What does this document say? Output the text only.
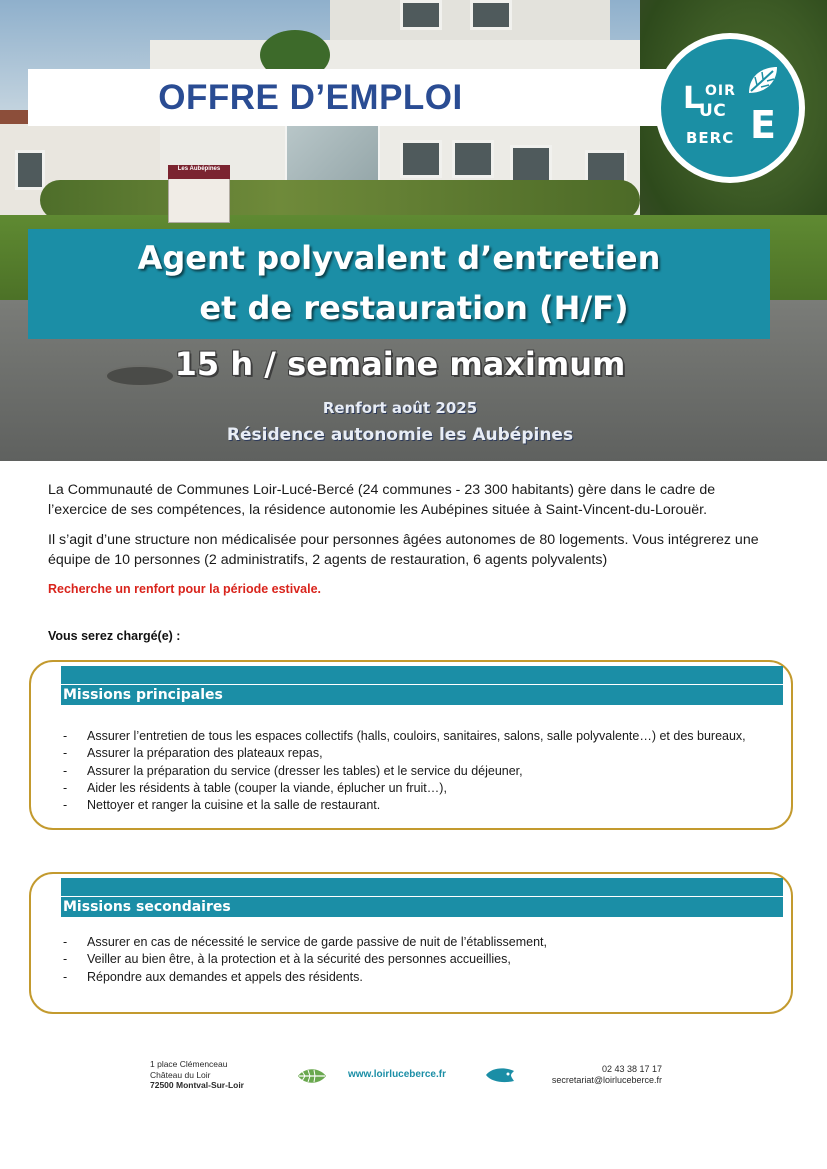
Les Aubépines
OFFRE D’EMPLOI	L OIR
UC
BERC E
Agent polyvalent d’entretien
et de restauration (H/F)
15 h / semaine maximum
Renfort août 2025
Résidence autonomie les Aubépines

La Communauté de Communes Loir-Lucé-Bercé (24 communes - 23 300 habitants) gère dans le cadre de l’exercice de ses compétences, la résidence autonomie les Aubépines située à Saint-Vincent-du-Lorouër.

Il s’agit d’une structure non médicalisée pour personnes âgées autonomes de 80 logements. Vous intégrerez une équipe de 10 personnes (2 administratifs, 2 agents de restauration, 6 agents polyvalents)

Recherche un renfort pour la période estivale.

Vous serez chargé(e) :

Missions principales
- Assurer l’entretien de tous les espaces collectifs (halls, couloirs, sanitaires, salons, salle polyvalente…) et des bureaux,
- Assurer la préparation des plateaux repas,
- Assurer la préparation du service (dresser les tables) et le service du déjeuner,
- Aider les résidents à table (couper la viande, éplucher un fruit…),
- Nettoyer et ranger la cuisine et la salle de restaurant.
Missions secondaires
- Assurer en cas de nécessité le service de garde passive de nuit de l’établissement,
- Veiller au bien être, à la protection et à la sécurité des personnes accueillies,
- Répondre aux demandes et appels des résidents.
1 place Clémenceau
Château du Loir
72500 Montval-Sur-Loir
www.loirluceberce.fr	02 43 38 17 17
secretariat@loirluceberce.fr
